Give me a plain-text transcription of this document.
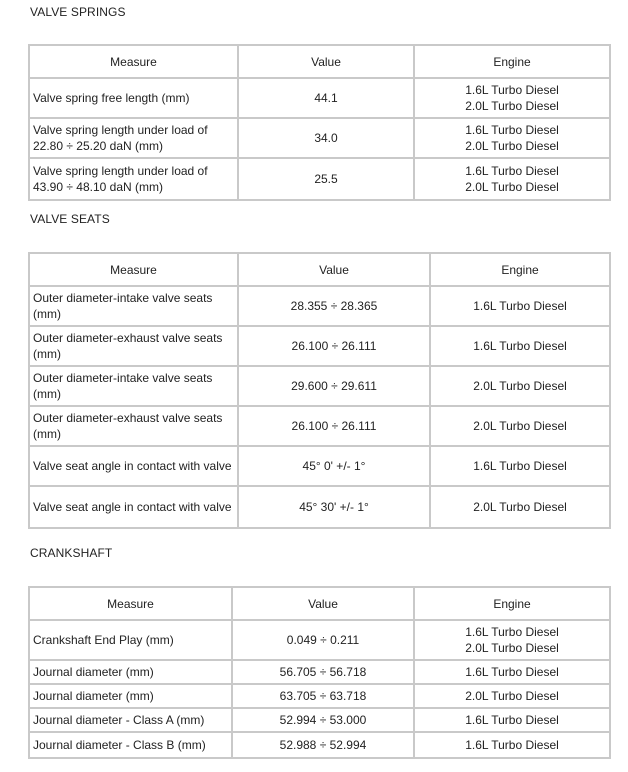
VALVE SPRINGS
Measure	Value	Engine
Valve spring free length (mm)	44.1	1.6L Turbo Diesel
2.0L Turbo Diesel

Valve spring length under load of 22.80 ÷ 25.20 daN (mm)	34.0	1.6L Turbo Diesel
2.0L Turbo Diesel

Valve spring length under load of 43.90 ÷ 48.10 daN (mm)	25.5	1.6L Turbo Diesel
2.0L Turbo Diesel
VALVE SEATS
Measure	Value	Engine
Outer diameter-intake valve seats (mm)	28.355 ÷ 28.365	1.6L Turbo Diesel

Outer diameter-exhaust valve seats (mm)	26.100 ÷ 26.111	1.6L Turbo Diesel

Outer diameter-intake valve seats (mm)	29.600 ÷ 29.611	2.0L Turbo Diesel

Outer diameter-exhaust valve seats (mm)	26.100 ÷ 26.111	2.0L Turbo Diesel

Valve seat angle in contact with valve	45° 0' +/- 1°	1.6L Turbo Diesel

Valve seat angle in contact with valve	45° 30' +/- 1°	2.0L Turbo Diesel
CRANKSHAFT
Measure	Value	Engine
Crankshaft End Play (mm)	0.049 ÷ 0.211	1.6L Turbo Diesel
2.0L Turbo Diesel

Journal diameter (mm)	56.705 ÷ 56.718	1.6L Turbo Diesel

Journal diameter (mm)	63.705 ÷ 63.718	2.0L Turbo Diesel

Journal diameter - Class A (mm)	52.994 ÷ 53.000	1.6L Turbo Diesel

Journal diameter - Class B (mm)	52.988 ÷ 52.994	1.6L Turbo Diesel
